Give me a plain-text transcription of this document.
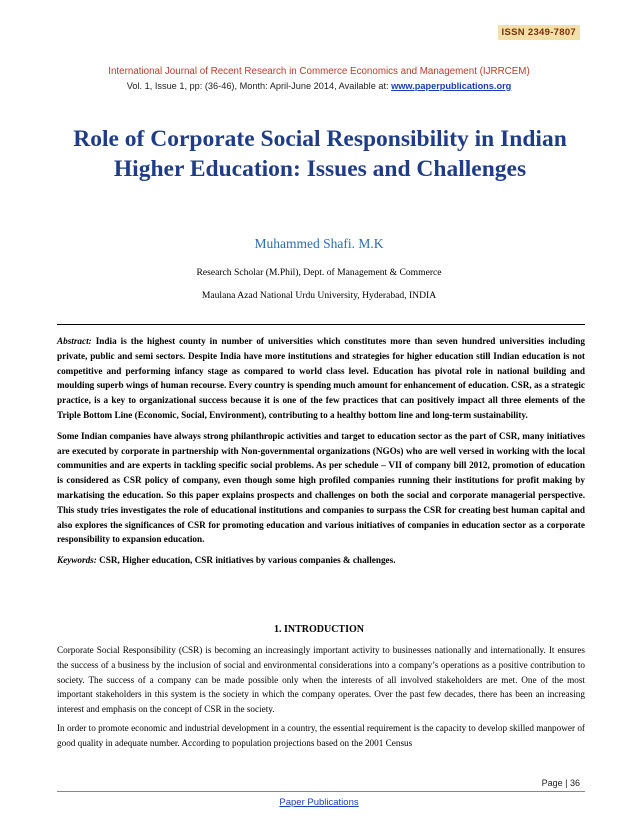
ISSN 2349-7807
International Journal of Recent Research in Commerce Economics and Management (IJRRCEM)
Vol. 1, Issue 1, pp: (36-46), Month: April-June 2014, Available at: www.paperpublications.org
Role of Corporate Social Responsibility in Indian Higher Education: Issues and Challenges
Muhammed Shafi. M.K
Research Scholar (M.Phil), Dept. of Management & Commerce
Maulana Azad National Urdu University, Hyderabad, INDIA

Abstract: India is the highest county in number of universities which constitutes more than seven hundred universities including private, public and semi sectors. Despite India have more institutions and strategies for higher education still Indian education is not competitive and performing infancy stage as compared to world class level. Education has pivotal role in national building and moulding superb wings of human recourse. Every country is spending much amount for enhancement of education. CSR, as a strategic practice, is a key to organizational success because it is one of the few practices that can positively impact all three elements of the Triple Bottom Line (Economic, Social, Environment), contributing to a healthy bottom line and long-term sustainability.

Some Indian companies have always strong philanthropic activities and target to education sector as the part of CSR, many initiatives are executed by corporate in partnership with Non-governmental organizations (NGOs) who are well versed in working with the local communities and are experts in tackling specific social problems. As per schedule – VII of company bill 2012, promotion of education is considered as CSR policy of company, even though some high profiled companies running their institutions for profit making by markatising the education. So this paper explains prospects and challenges on both the social and corporate managerial perspective. This study tries investigates the role of educational institutions and companies to surpass the CSR for creating best human capital and also explores the significances of CSR for promoting education and various initiatives of companies in education sector as a corporate responsibility to expansion education.

Keywords: CSR, Higher education, CSR initiatives by various companies & challenges.

1. INTRODUCTION

Corporate Social Responsibility (CSR) is becoming an increasingly important activity to businesses nationally and internationally. It ensures the success of a business by the inclusion of social and environmental considerations into a company’s operations as a positive contribution to society. The success of a company can be made possible only when the interests of all involved stakeholders are met. One of the most important stakeholders in this system is the society in which the company operates. Over the past few decades, there has been an increasing interest and emphasis on the concept of CSR in the society.

In order to promote economic and industrial development in a country, the essential requirement is the capacity to develop skilled manpower of good quality in adequate number. According to population projections based on the 2001 Census

Page | 36
Paper Publications
